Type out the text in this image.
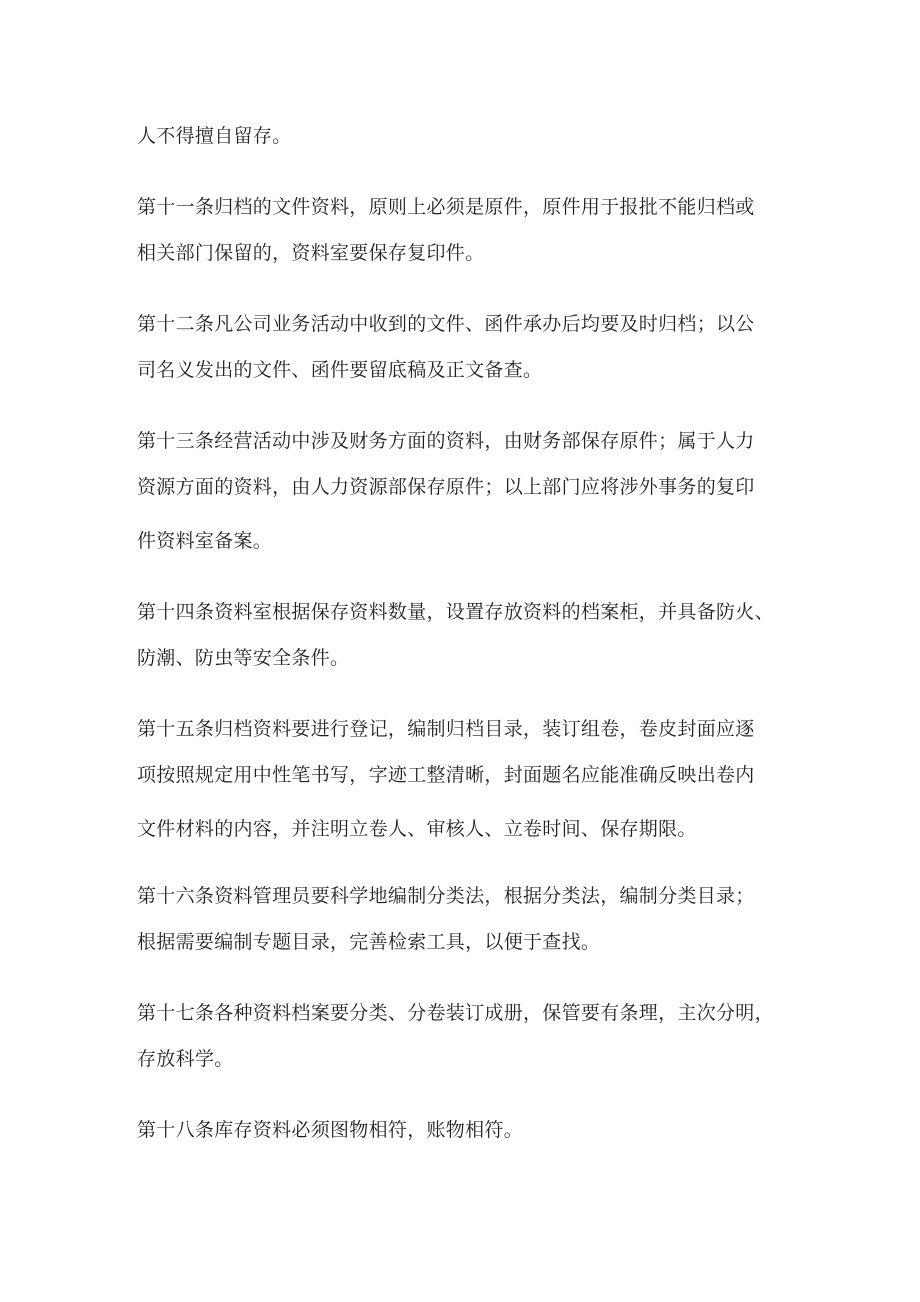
人不得擅自留存。
第十一条归档的文件资料，原则上必须是原件，原件用于报批不能归档或
相关部门保留的，资料室要保存复印件。
第十二条凡公司业务活动中收到的文件、函件承办后均要及时归档；以公
司名义发出的文件、函件要留底稿及正文备查。
第十三条经营活动中涉及财务方面的资料，由财务部保存原件；属于人力
资源方面的资料，由人力资源部保存原件；以上部门应将涉外事务的复印
件资料室备案。
第十四条资料室根据保存资料数量，设置存放资料的档案柜，并具备防火、
防潮、防虫等安全条件。
第十五条归档资料要进行登记，编制归档目录，装订组卷，卷皮封面应逐
项按照规定用中性笔书写，字迹工整清晰，封面题名应能准确反映出卷内
文件材料的内容，并注明立卷人、审核人、立卷时间、保存期限。
第十六条资料管理员要科学地编制分类法，根据分类法，编制分类目录；
根据需要编制专题目录，完善检索工具，以便于查找。
第十七条各种资料档案要分类、分卷装订成册，保管要有条理，主次分明，
存放科学。
第十八条库存资料必须图物相符，账物相符。
